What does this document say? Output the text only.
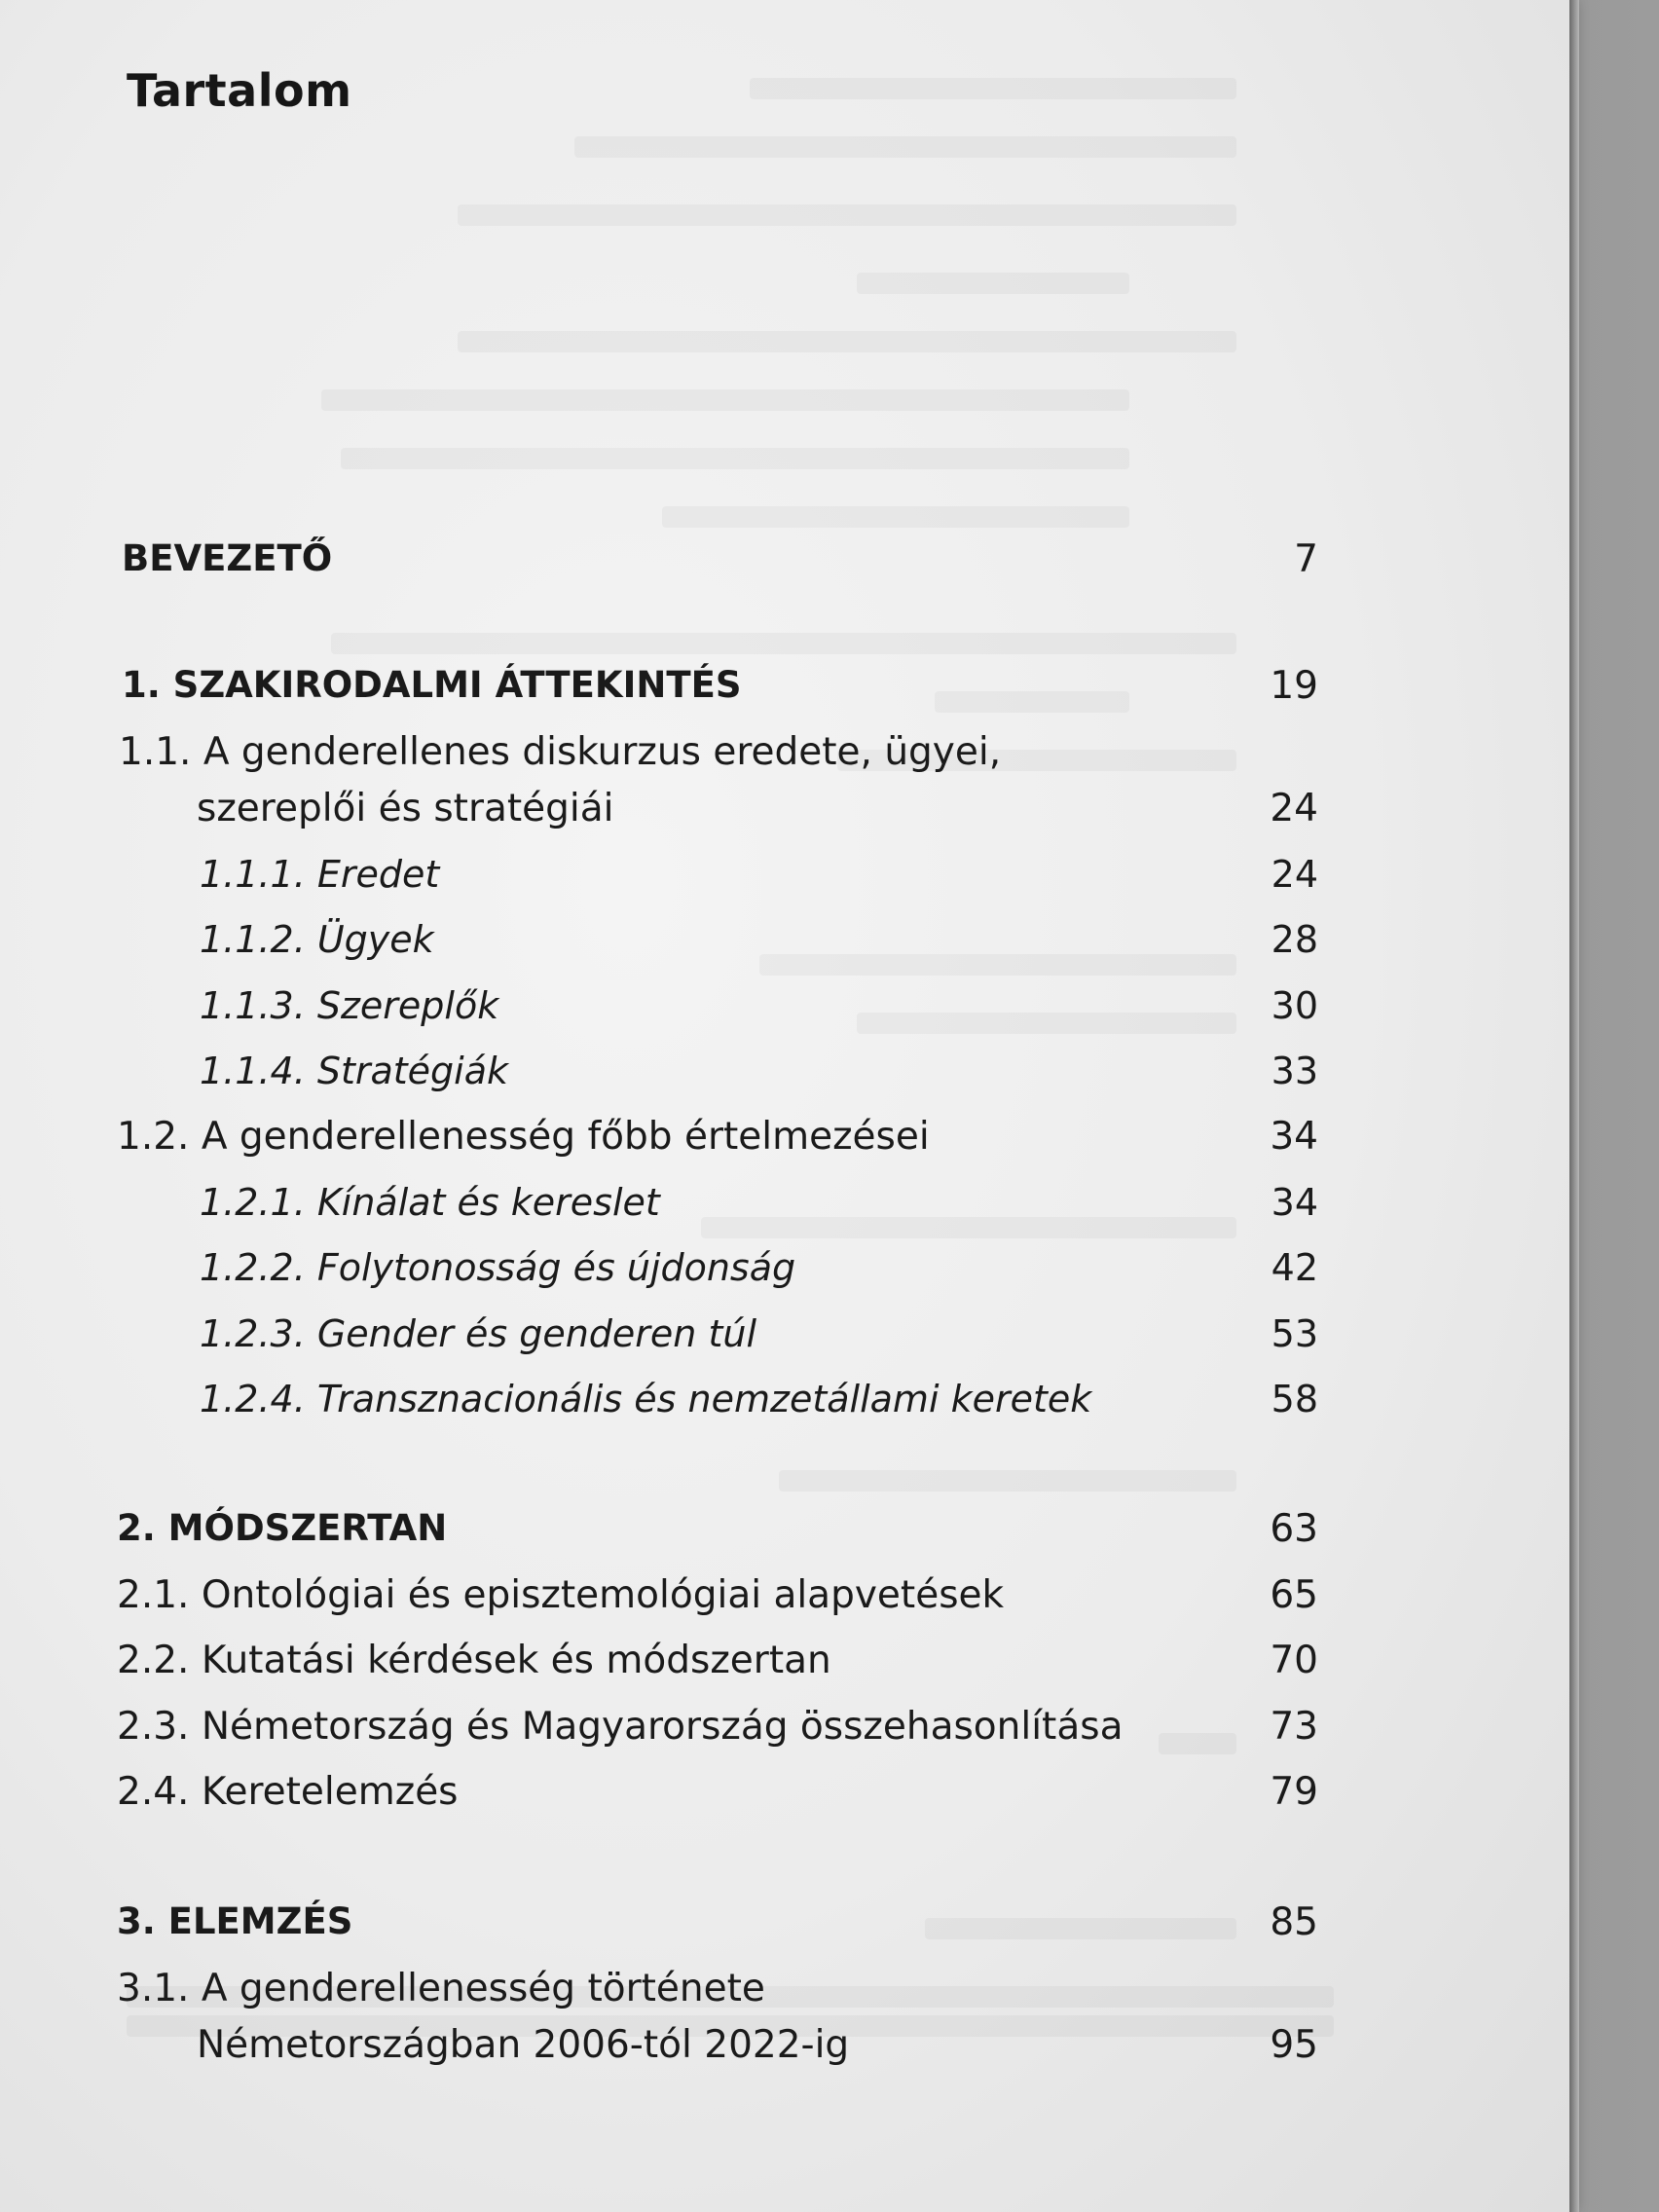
Tartalom
BEVEZETŐ	7
1. SZAKIRODALMI ÁTTEKINTÉS	19
1.1. A genderellenes diskurzus eredete, ügyei,
szereplői és stratégiái	24
1.1.1. Eredet	24
1.1.2. Ügyek	28
1.1.3. Szereplők	30
1.1.4. Stratégiák	33
1.2. A genderellenesség főbb értelmezései	34
1.2.1. Kínálat és kereslet	34
1.2.2. Folytonosság és újdonság	42
1.2.3. Gender és genderen túl	53
1.2.4. Transznacionális és nemzetállami keretek	58
2. MÓDSZERTAN	63
2.1. Ontológiai és episztemológiai alapvetések	65
2.2. Kutatási kérdések és módszertan	70
2.3. Németország és Magyarország összehasonlítása	73
2.4. Keretelemzés	79
3. ELEMZÉS	85
3.1. A genderellenesség története
Németországban 2006-tól 2022-ig	95
